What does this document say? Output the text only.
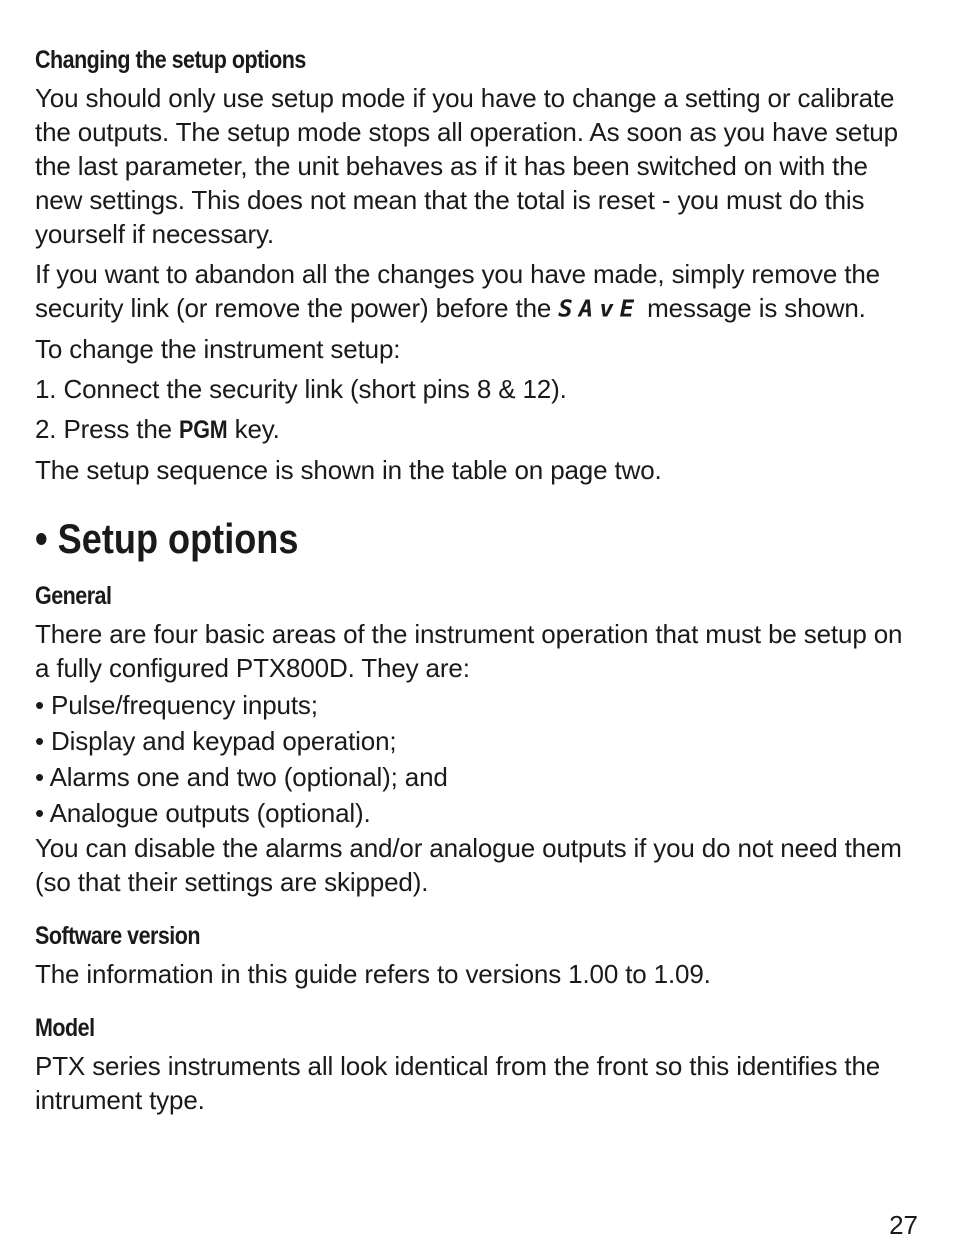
Changing the setup options

You should only use setup mode if you have to change a setting or calibrate the outputs. The setup mode stops all operation. As soon as you have setup the last parameter, the unit behaves as if it has been switched on with the new settings. This does not mean that the total is reset - you must do this yourself if necessary.

If you want to abandon all the changes you have made, simply remove the security link (or remove the power) before the SAvE message is shown.

To change the instrument setup:

1. Connect the security link (short pins 8 & 12).

2. Press the PGM key.

The setup sequence is shown in the table on page two.

• Setup options
General

There are four basic areas of the instrument operation that must be setup on a fully configured PTX800D. They are:

• Pulse/frequency inputs;

• Display and keypad operation;

• Alarms one and two (optional); and

• Analogue outputs (optional).

You can disable the alarms and/or analogue outputs if you do not need them (so that their settings are skipped).

Software version

The information in this guide refers to versions 1.00 to 1.09.

Model

PTX series instruments all look identical from the front so this identifies the intrument type.

27
